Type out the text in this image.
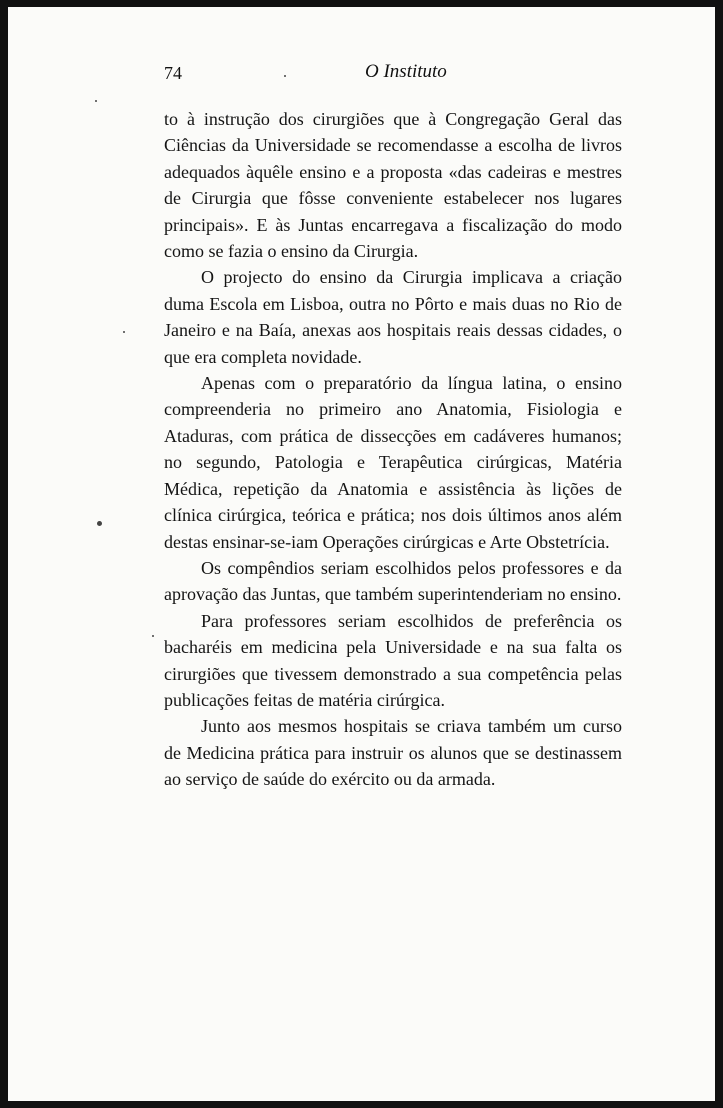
74	O Instituto

to à instrução dos cirurgiões que à Congregação Geral das Ciências da Universidade se recomendasse a escolha de livros adequados àquêle ensino e a proposta «das cadeiras e mestres de Cirurgia que fôsse conveniente estabelecer nos lugares principais». E às Juntas encarregava a fiscalização do modo como se fazia o ensino da Cirurgia.

O projecto do ensino da Cirurgia implicava a criação duma Escola em Lisboa, outra no Pôrto e mais duas no Rio de Janeiro e na Baía, anexas aos hospitais reais dessas cidades, o que era completa novidade.

Apenas com o preparatório da língua latina, o ensino compreenderia no primeiro ano Anatomia, Fisiologia e Ataduras, com prática de dissecções em cadáveres humanos; no segundo, Patologia e Terapêutica cirúrgicas, Matéria Médica, repetição da Anatomia e assistência às lições de clínica cirúrgica, teórica e prática; nos dois últimos anos além destas ensinar-se-iam Operações cirúrgicas e Arte Obstetrícia.

Os compêndios seriam escolhidos pelos professores e da aprovação das Juntas, que também superintenderiam no ensino.

Para professores seriam escolhidos de preferência os bacharéis em medicina pela Universidade e na sua falta os cirurgiões que tivessem demonstrado a sua competência pelas publicações feitas de matéria cirúrgica.

Junto aos mesmos hospitais se criava também um curso de Medicina prática para instruir os alunos que se destinassem ao serviço de saúde do exército ou da armada.
